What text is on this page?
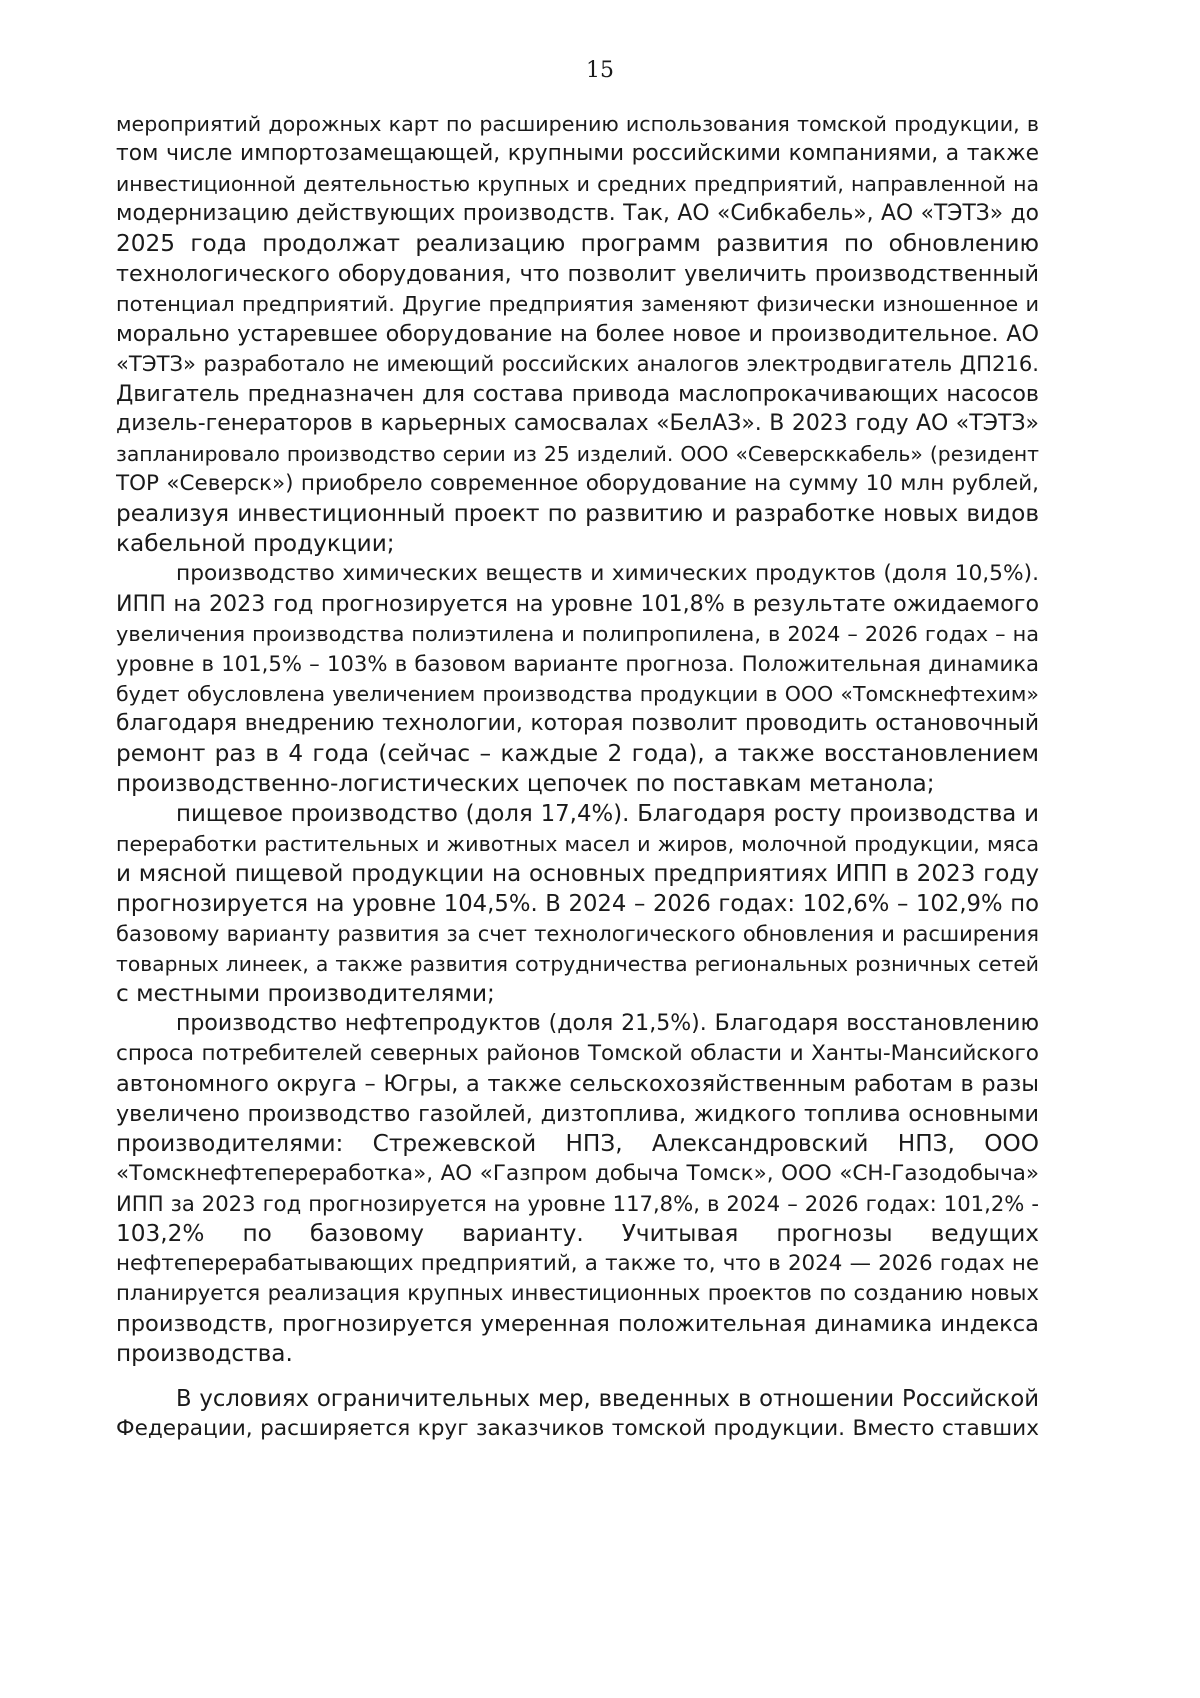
15
мероприятий дорожных карт по расширению использования томской продукции, в
том числе импортозамещающей, крупными российскими компаниями, а также
инвестиционной деятельностью крупных и средних предприятий, направленной на
модернизацию действующих производств. Так, АО «Сибкабель», АО «ТЭТЗ» до
2025 года продолжат реализацию программ развития по обновлению
технологического оборудования, что позволит увеличить производственный
потенциал предприятий. Другие предприятия заменяют физически изношенное и
морально устаревшее оборудование на более новое и производительное. АО
«ТЭТЗ» разработало не имеющий российских аналогов электродвигатель ДП216.
Двигатель предназначен для состава привода маслопрокачивающих насосов
дизель-генераторов в карьерных самосвалах «БелАЗ». В 2023 году АО «ТЭТЗ»
запланировало производство серии из 25 изделий. ООО «Северсккабель» (резидент
ТОР «Северск») приобрело современное оборудование на сумму 10 млн рублей,
реализуя инвестиционный проект по развитию и разработке новых видов
кабельной продукции;
производство химических веществ и химических продуктов (доля 10,5%).
ИПП на 2023 год прогнозируется на уровне 101,8% в результате ожидаемого
увеличения производства полиэтилена и полипропилена, в 2024 – 2026 годах – на
уровне в 101,5% – 103% в базовом варианте прогноза. Положительная динамика
будет обусловлена увеличением производства продукции в ООО «Томскнефтехим»
благодаря внедрению технологии, которая позволит проводить остановочный
ремонт раз в 4 года (сейчас – каждые 2 года), а также восстановлением
производственно-логистических цепочек по поставкам метанола;
пищевое производство (доля 17,4%). Благодаря росту производства и
переработки растительных и животных масел и жиров, молочной продукции, мяса
и мясной пищевой продукции на основных предприятиях ИПП в 2023 году
прогнозируется на уровне 104,5%. В 2024 – 2026 годах: 102,6% – 102,9% по
базовому варианту развития за счет технологического обновления и расширения
товарных линеек, а также развития сотрудничества региональных розничных сетей
с местными производителями;
производство нефтепродуктов (доля 21,5%). Благодаря восстановлению
спроса потребителей северных районов Томской области и Ханты-Мансийского
автономного округа – Югры, а также сельскохозяйственным работам в разы
увеличено производство газойлей, дизтоплива, жидкого топлива основными
производителями: Стрежевской НПЗ, Александровский НПЗ, ООО
«Томскнефтепереработка», АО «Газпром добыча Томск», ООО «СН-Газодобыча»
ИПП за 2023 год прогнозируется на уровне 117,8%, в 2024 – 2026 годах: 101,2% -
103,2% по базовому варианту. Учитывая прогнозы ведущих
нефтеперерабатывающих предприятий, а также то, что в 2024 — 2026 годах не
планируется реализация крупных инвестиционных проектов по созданию новых
производств, прогнозируется умеренная положительная динамика индекса
производства.
В условиях ограничительных мер, введенных в отношении Российской
Федерации, расширяется круг заказчиков томской продукции. Вместо ставших
